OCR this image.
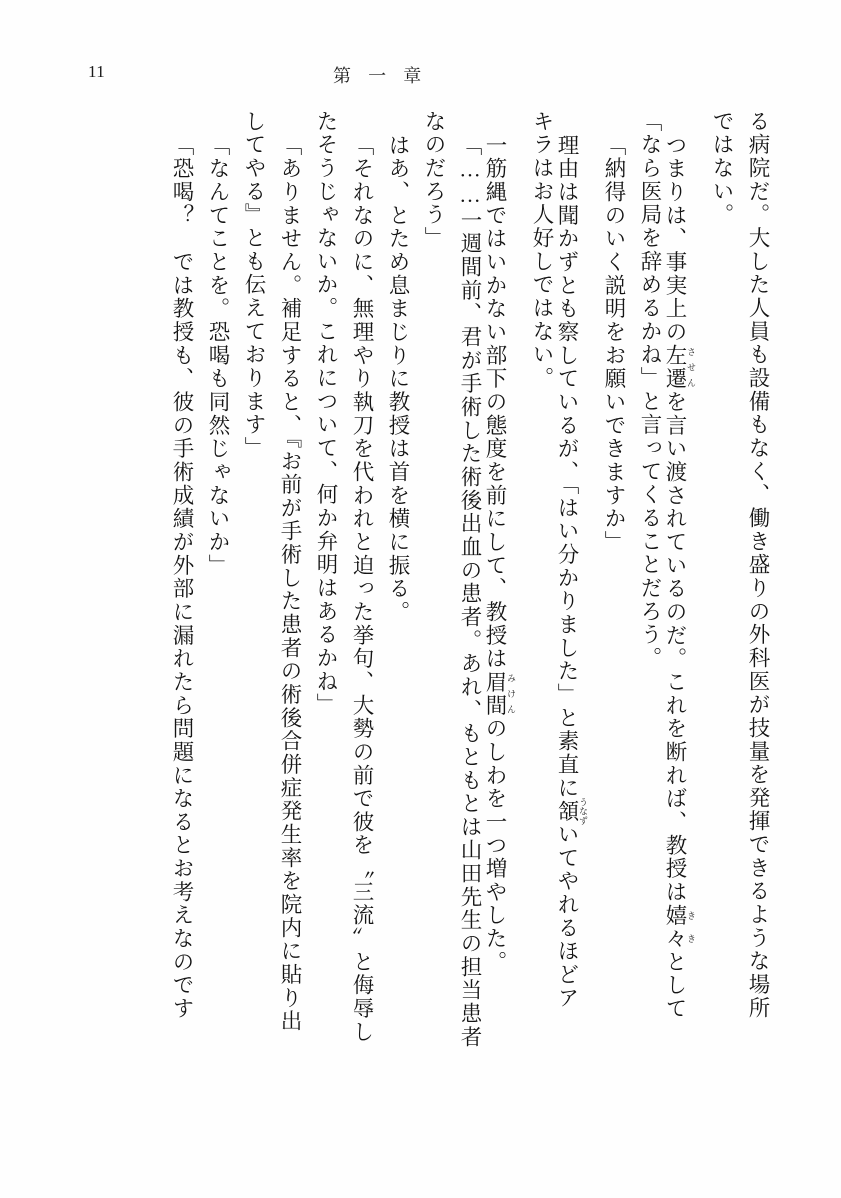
11	第一章
る病院だ。大した人員も設備もなく、働き盛りの外科医が技量を発揮できるような場所
ではない。
つまりは、事実上の左遷 させんを言い渡されているのだ。これを断れば、教授は嬉々 ききとして
「なら医局を辞めるかね」と言ってくることだろう。
「納得のいく説明をお願いできますか」
理由は聞かずとも察しているが、「はい分かりました」と素直に頷 うなずいてやれるほどア
キラはお人好しではない。
一筋縄ではいかない部下の態度を前にして、教授は眉間 みけんのしわを一つ増やした。
「……一週間前、君が手術した術後出血の患者。あれ、もともとは山田先生の担当患者
なのだろう」
はあ、とため息まじりに教授は首を横に振る。
「それなのに、無理やり執刀を代われと迫った挙句、大勢の前で彼を〝三流〟と侮辱し
たそうじゃないか。これについて、何か弁明はあるかね」
「ありません。補足すると、『お前が手術した患者の術後合併症発生率を院内に貼り出
してやる』とも伝えております」
「なんてことを。恐喝も同然じゃないか」
「恐喝？　では教授も、彼の手術成績が外部に漏れたら問題になるとお考えなのです
